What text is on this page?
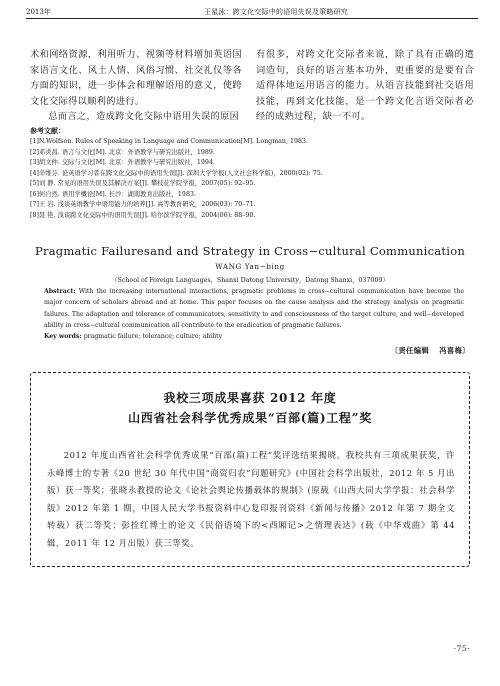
2013年	王星泳：跨文化交际中的语用失误及策略研究

术和网络资源，利用听力、视频等材料增加英语国家语言文化、风土人情、风俗习惯、社交礼仪等各方面的知识，进一步体会和理解语用的意义，使跨文化交际得以顺利的进行。

总而言之，造成跨文化交际中语用失误的原因

有很多，对跨文化交际者来说，除了具有正确的遣词造句，良好的语言基本功外，更重要的是要有合适得体地运用语言的能力。从语言技能到社交语用技能，再到文化技能，是一个跨文化言语交际者必经的成熟过程，缺一不可。

参考文献：
[1]N.Wolfson. Rules of Speaking in Language and Communication[M]. Longman, 1983.
[2]邓炎昌. 语言与文化[M]. 北京：外语教学与研究出版社，1989.
[3]胡文仲. 交际与文化[M]. 北京：外语教学与研究出版社，1994.
[4]辛维芬. 论英语学习者在跨文化交际中的语用失误[J]. 深圳大学学报(人文社会科学版)，2000(02): 75.
[5]刘 静. 常见的语用失误及其解决方案[J]. 攀枝花学院学报，2007(05): 92–95.
[6]何自然. 语用学概论[M]. 长沙：湖南教育出版社，1983.
[7]王 岩. 浅谈英语教学中语用能力的培养[J]. 高等教育研究，2006(03): 70–71.
[8]聂 艳. 浅谈跨文化交际中的语用失误[J]. 哈尔滨学院学报，2004(06): 88–90.
Pragmatic Failuresand and Strategy in Cross−cultural Communication
WANG Yan−bing
（School of Foreign Languages，Shanxi Datong University，Datong Shanxi，037009）
Abstract: With the increasing international interactions, pragmatic problems in cross−cultural communication have become the major concern of scholars abroad and at home. This paper focuses on the cause analysis and the strategy analysis on pragmatic failures. The adaptation and tolerance of communicators, sensitivity to and consciousness of the target culture, and well−developed ability in cross−cultural communication all contribute to the eradication of pragmatic failures.
Key words: pragmatic failure; tolerance; culture; ability
〔责任编辑 冯喜梅〕
我校三项成果喜获 2012 年度
山西省社会科学优秀成果“百部(篇)工程”奖

2012 年度山西省社会科学优秀成果“百部(篇)工程”奖评选结果揭晓。我校共有三项成果获奖，许永峰博士的专著《20 世纪 30 年代中国“商资归农”问题研究》(中国社会科学出版社，2012 年 5 月出版）获一等奖；张晓永教授的论文《论社会舆论传播载体的规制》(原载《山西大同大学学报：社会科学版》2012 年第 1 期，中国人民大学书报资料中心复印报刊资料《新闻与传播》2012 年第 7 期全文转载）获二等奖；彭拴红博士的论文《民俗语境下的<西厢记>之情理表达》(载《中华戏曲》第 44 辑，2011 年 12 月出版）获三等奖。

·75·
